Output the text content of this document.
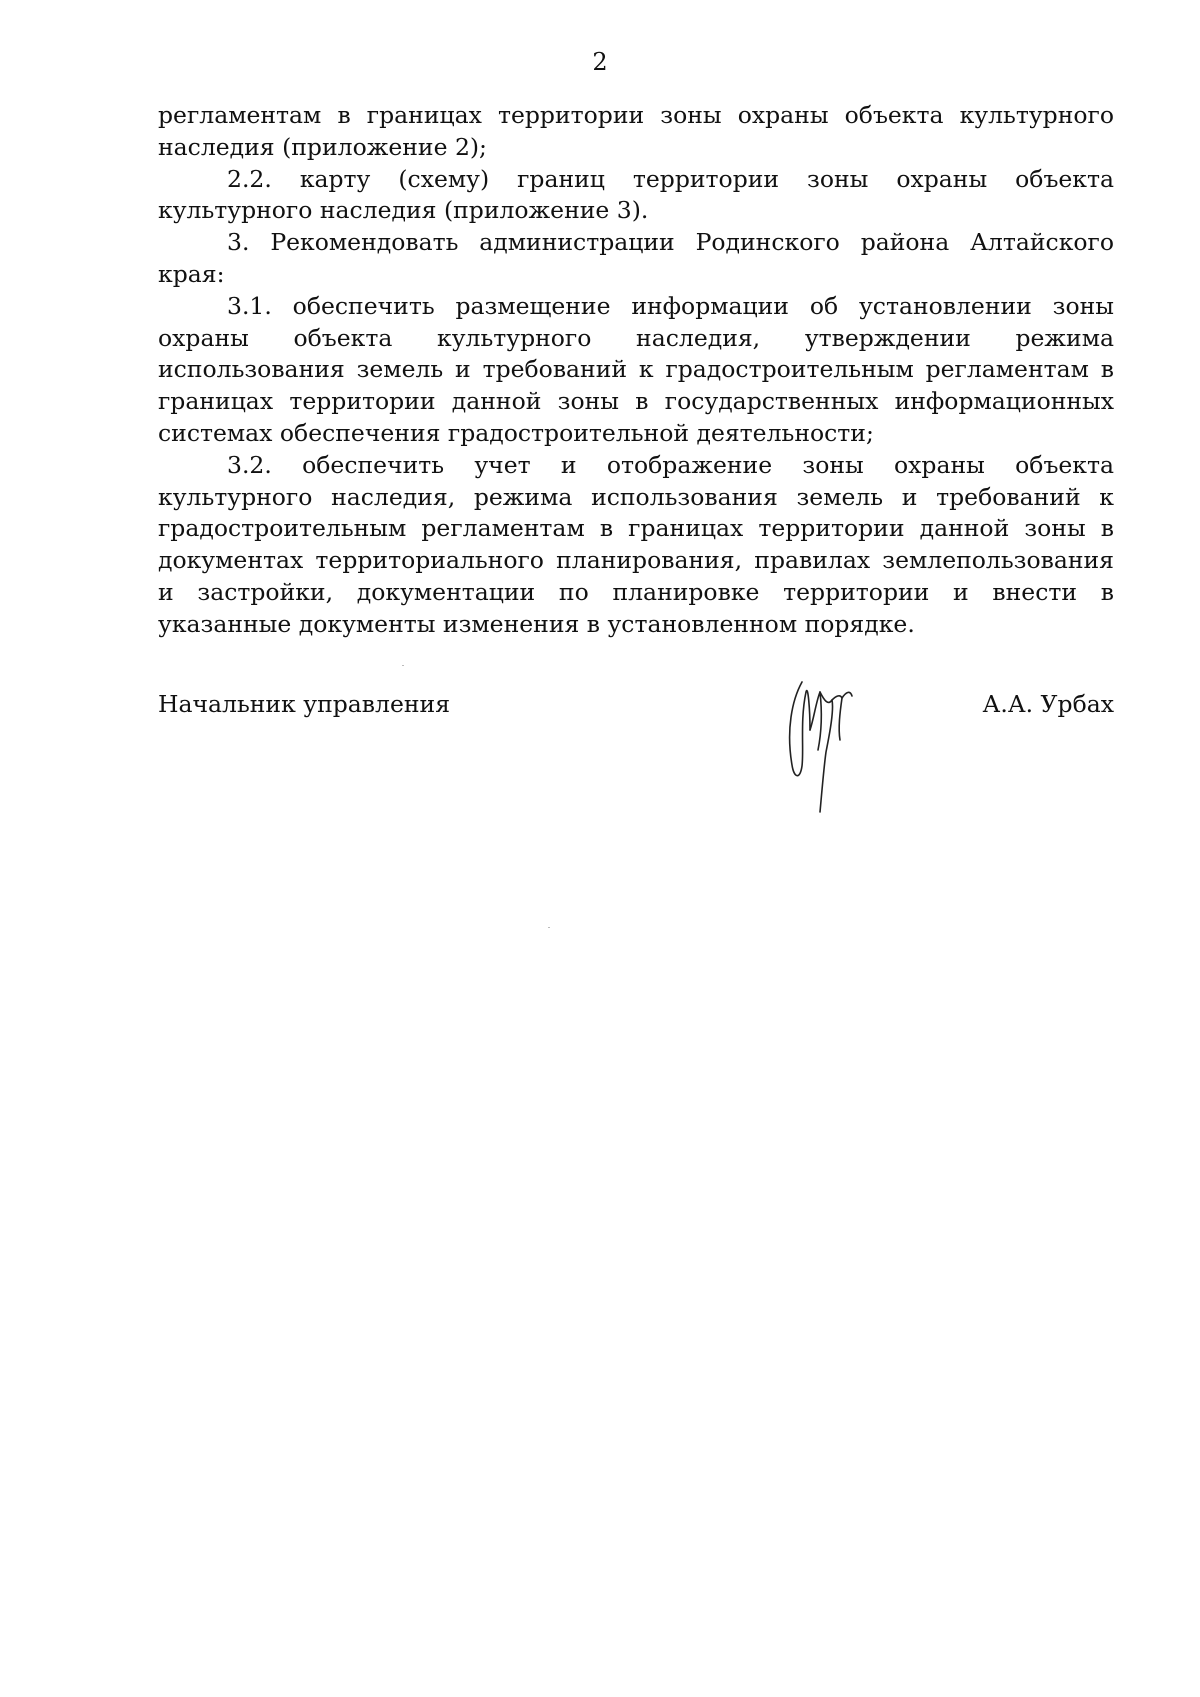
2

регламентам в границах территории зоны охраны объекта культурного наследия (приложение 2);

2.2. карту (схему) границ территории зоны охраны объекта культурного наследия (приложение 3).

3. Рекомендовать администрации Родинского района Алтайского края:

3.1. обеспечить размещение информации об установлении зоны охраны объекта культурного наследия, утверждении режима использования земель и требований к градостроительным регламентам в границах территории данной зоны в государственных информационных системах обеспечения градостроительной деятельности;

3.2. обеспечить учет и отображение зоны охраны объекта культурного наследия, режима использования земель и требований к градостроительным регламентам в границах территории данной зоны в документах территориального планирования, правилах землепользования и застройки, документации по планировке территории и внести в указанные документы изменения в установленном порядке.

Начальник управления	А.А. Урбах
